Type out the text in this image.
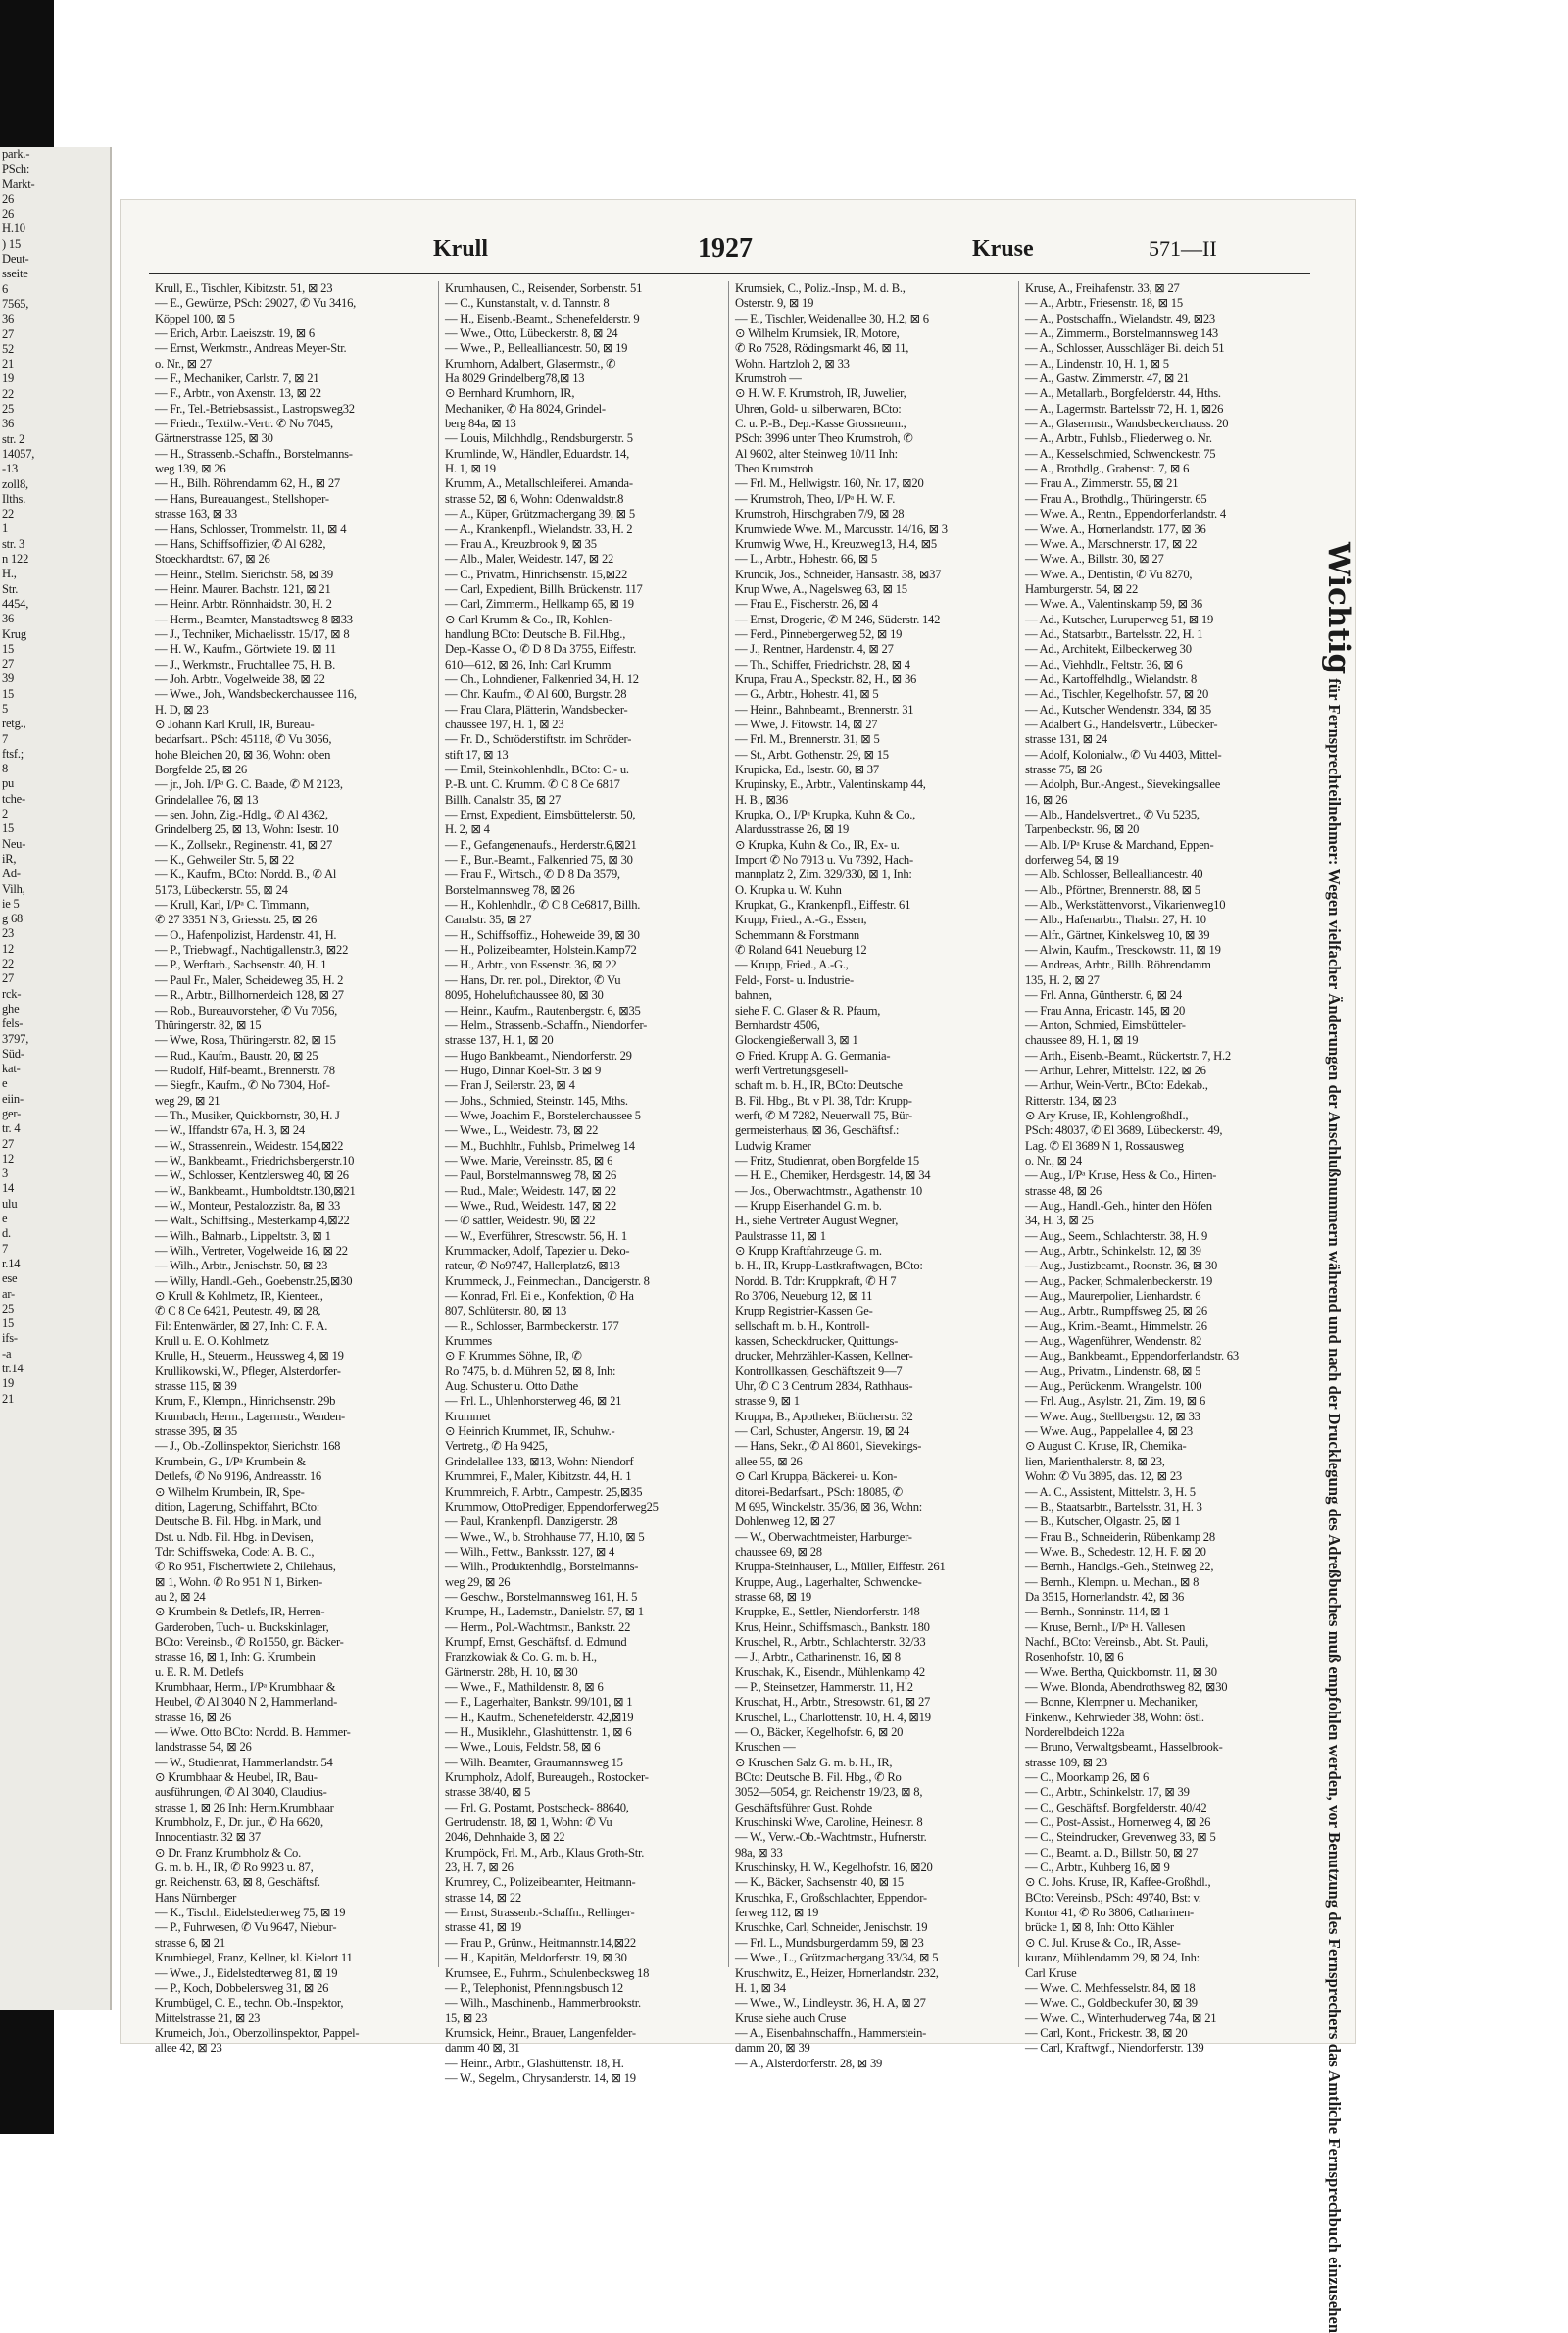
park.-
PSch:
Markt-
26
26
H.10
) 15
Deut-
sseite
6
7565,
36
27
52
21
19
22
25
36
str. 2
14057,
-13
zoll8,
Ilths.
22
1
str. 3
n 122
H.,
Str.
4454,
36
Krug
15
27
39
15
5
retg.,
7
ftsf.;
8
pu
tche-
2
15
Neu-
iR,
Ad-
Vilh,
ie 5
g 68
23
12
22
27
rck-
ghe
fels-
3797,
Süd-
kat-
e
eiin-
ger-
tr. 4
27
12
3
14
ulu
e
d.
7
r.14
ese
ar-
25
15
ifs-
-a
tr.14
19
21
Krull	1927	Kruse	571—II
Krull, E., Tischler, Kibitzstr. 51, ⊠ 23
— E., Gewürze, PSch: 29027, ✆ Vu 3416,
Köppel 100, ⊠ 5
— Erich, Arbtr. Laeiszstr. 19, ⊠ 6
— Ernst, Werkmstr., Andreas Meyer-Str.
o. Nr., ⊠ 27
— F., Mechaniker, Carlstr. 7, ⊠ 21
— F., Arbtr., von Axenstr. 13, ⊠ 22
— Fr., Tel.-Betriebsassist., Lastropsweg32
— Friedr., Textilw.-Vertr. ✆ No 7045,
Gärtnerstrasse 125, ⊠ 30
— H., Strassenb.-Schaffn., Borstelmanns-
weg 139, ⊠ 26
— H., Bilh. Röhrendamm 62, H., ⊠ 27
— Hans, Bureauangest., Stellshoper-
strasse 163, ⊠ 33
— Hans, Schlosser, Trommelstr. 11, ⊠ 4
— Hans, Schiffsoffizier, ✆ Al 6282,
Stoeckhardtstr. 67, ⊠ 26
— Heinr., Stellm. Sierichstr. 58, ⊠ 39
— Heinr. Maurer. Bachstr. 121, ⊠ 21
— Heinr. Arbtr. Rönnhaidstr. 30, H. 2
— Herm., Beamter, Manstadtsweg 8 ⊠33
— J., Techniker, Michaelisstr. 15/17, ⊠ 8
— H. W., Kaufm., Görtwiete 19. ⊠ 11
— J., Werkmstr., Fruchtallee 75, H. B.
— Joh. Arbtr., Vogelweide 38, ⊠ 22
— Wwe., Joh., Wandsbeckerchaussee 116,
H. D, ⊠ 23
⊙ Johann Karl Krull, IR, Bureau-
bedarfsart.. PSch: 45118, ✆ Vu 3056,
hohe Bleichen 20, ⊠ 36, Wohn: oben
Borgfelde 25, ⊠ 26
— jr., Joh. I/Pᵃ G. C. Baade, ✆ M 2123,
Grindelallee 76, ⊠ 13
— sen. John, Zig.-Hdlg., ✆ Al 4362,
Grindelberg 25, ⊠ 13, Wohn: Isestr. 10
— K., Zollsekr., Reginenstr. 41, ⊠ 27
— K., Gehweiler Str. 5, ⊠ 22
— K., Kaufm., BCto: Nordd. B., ✆ Al
5173, Lübeckerstr. 55, ⊠ 24
— Krull, Karl, I/Pᵃ C. Timmann,
✆ 27 3351 N 3, Griesstr. 25, ⊠ 26
— O., Hafenpolizist, Hardenstr. 41, H.
— P., Triebwagf., Nachtigallenstr.3, ⊠22
— P., Werftarb., Sachsenstr. 40, H. 1
— Paul Fr., Maler, Scheideweg 35, H. 2
— R., Arbtr., Billhornerdeich 128, ⊠ 27
— Rob., Bureauvorsteher, ✆ Vu 7056,
Thüringerstr. 82, ⊠ 15
— Wwe, Rosa, Thüringerstr. 82, ⊠ 15
— Rud., Kaufm., Baustr. 20, ⊠ 25
— Rudolf, Hilf-beamt., Brennerstr. 78
— Siegfr., Kaufm., ✆ No 7304, Hof-
weg 29, ⊠ 21
— Th., Musiker, Quickbornstr, 30, H. J
— W., Iffandstr 67a, H. 3, ⊠ 24
— W., Strassenrein., Weidestr. 154,⊠22
— W., Bankbeamt., Friedrichsbergerstr.10
— W., Schlosser, Kentzlersweg 40, ⊠ 26
— W., Bankbeamt., Humboldtstr.130,⊠21
— W., Monteur, Pestalozzistr. 8a, ⊠ 33
— Walt., Schiffsing., Mesterkamp 4,⊠22
— Wilh., Bahnarb., Lippeltstr. 3, ⊠ 1
— Wilh., Vertreter, Vogelweide 16, ⊠ 22
— Wilh., Arbtr., Jenischstr. 50, ⊠ 23
— Willy, Handl.-Geh., Goebenstr.25,⊠30
⊙ Krull & Kohlmetz, IR, Kienteer.,
✆ C 8 Ce 6421, Peutestr. 49, ⊠ 28,
Fil: Entenwärder, ⊠ 27, Inh: C. F. A.
Krull u. E. O. Kohlmetz
Krulle, H., Steuerm., Heussweg 4, ⊠ 19
Krullikowski, W., Pfleger, Alsterdorfer-
strasse 115, ⊠ 39
Krum, F., Klempn., Hinrichsenstr. 29b
Krumbach, Herm., Lagermstr., Wenden-
strasse 395, ⊠ 35
— J., Ob.-Zollinspektor, Sierichstr. 168
Krumbein, G., I/Pᵃ Krumbein &
Detlefs, ✆ No 9196, Andreasstr. 16
⊙ Wilhelm Krumbein, IR, Spe-
dition, Lagerung, Schiffahrt, BCto:
Deutsche B. Fil. Hbg. in Mark, und
Dst. u. Ndb. Fil. Hbg. in Devisen,
Tdr: Schiffsweka, Code: A. B. C.,
✆ Ro 951, Fischertwiete 2, Chilehaus,
⊠ 1, Wohn. ✆ Ro 951 N 1, Birken-
au 2, ⊠ 24
⊙ Krumbein & Detlefs, IR, Herren-
Garderoben, Tuch- u. Buckskinlager,
BCto: Vereinsb., ✆ Ro1550, gr. Bäcker-
strasse 16, ⊠ 1, Inh: G. Krumbein
u. E. R. M. Detlefs
Krumbhaar, Herm., I/Pᵃ Krumbhaar &
Heubel, ✆ Al 3040 N 2, Hammerland-
strasse 16, ⊠ 26
— Wwe. Otto BCto: Nordd. B. Hammer-
landstrasse 54, ⊠ 26
— W., Studienrat, Hammerlandstr. 54
⊙ Krumbhaar & Heubel, IR, Bau-
ausführungen, ✆ Al 3040, Claudius-
strasse 1, ⊠ 26 Inh: Herm.Krumbhaar
Krumbholz, F., Dr. jur., ✆ Ha 6620,
Innocentiastr. 32 ⊠ 37
⊙ Dr. Franz Krumbholz & Co.
G. m. b. H., IR, ✆ Ro 9923 u. 87,
gr. Reichenstr. 63, ⊠ 8, Geschäftsf.
Hans Nürnberger
— K., Tischl., Eidelstedterweg 75, ⊠ 19
— P., Fuhrwesen, ✆ Vu 9647, Niebur-
strasse 6, ⊠ 21
Krumbiegel, Franz, Kellner, kl. Kielort 11
— Wwe., J., Eidelstedterweg 81, ⊠ 19
— P., Koch, Dobbelersweg 31, ⊠ 26
Krumbügel, C. E., techn. Ob.-Inspektor,
Mittelstrasse 21, ⊠ 23
Krumeich, Joh., Oberzollinspektor, Pappel-
allee 42, ⊠ 23
Krumhausen, C., Reisender, Sorbenstr. 51
— C., Kunstanstalt, v. d. Tannstr. 8
— H., Eisenb.-Beamt., Schenefelderstr. 9
— Wwe., Otto, Lübeckerstr. 8, ⊠ 24
— Wwe., P., Bellealliancestr. 50, ⊠ 19
Krumhorn, Adalbert, Glasermstr., ✆
Ha 8029 Grindelberg78,⊠ 13
⊙ Bernhard Krumhorn, IR,
Mechaniker, ✆ Ha 8024, Grindel-
berg 84a, ⊠ 13
— Louis, Milchhdlg., Rendsburgerstr. 5
Krumlinde, W., Händler, Eduardstr. 14,
H. 1, ⊠ 19
Krumm, A., Metallschleiferei. Amanda-
strasse 52, ⊠ 6, Wohn: Odenwaldstr.8
— A., Küper, Grützmachergang 39, ⊠ 5
— A., Krankenpfl., Wielandstr. 33, H. 2
— Frau A., Kreuzbrook 9, ⊠ 35
— Alb., Maler, Weidestr. 147, ⊠ 22
— C., Privatm., Hinrichsenstr. 15,⊠22
— Carl, Expedient, Billh. Brückenstr. 117
— Carl, Zimmerm., Hellkamp 65, ⊠ 19
⊙ Carl Krumm & Co., IR, Kohlen-
handlung BCto: Deutsche B. Fil.Hbg.,
Dep.-Kasse O., ✆ D 8 Da 3755, Eiffestr.
610—612, ⊠ 26, Inh: Carl Krumm
— Ch., Lohndiener, Falkenried 34, H. 12
— Chr. Kaufm., ✆ Al 600, Burgstr. 28
— Frau Clara, Plätterin, Wandsbecker-
chaussee 197, H. 1, ⊠ 23
— Fr. D., Schröderstiftstr. im Schröder-
stift 17, ⊠ 13
— Emil, Steinkohlenhdlr., BCto: C.- u.
P.-B. unt. C. Krumm. ✆ C 8 Ce 6817
Billh. Canalstr. 35, ⊠ 27
— Ernst, Expedient, Eimsbüttelerstr. 50,
H. 2, ⊠ 4
— F., Gefangenenaufs., Herderstr.6,⊠21
— F., Bur.-Beamt., Falkenried 75, ⊠ 30
— Frau F., Wirtsch., ✆ D 8 Da 3579,
Borstelmannsweg 78, ⊠ 26
— H., Kohlenhdlr., ✆ C 8 Ce6817, Billh.
Canalstr. 35, ⊠ 27
— H., Schiffsoffiz., Hoheweide 39, ⊠ 30
— H., Polizeibeamter, Holstein.Kamp72
— H., Arbtr., von Essenstr. 36, ⊠ 22
— Hans, Dr. rer. pol., Direktor, ✆ Vu
8095, Hoheluftchaussee 80, ⊠ 30
— Heinr., Kaufm., Rautenbergstr. 6, ⊠35
— Helm., Strassenb.-Schaffn., Niendorfer-
strasse 137, H. 1, ⊠ 20
— Hugo Bankbeamt., Niendorferstr. 29
— Hugo, Dinnar Koel-Str. 3 ⊠ 9
— Fran J, Seilerstr. 23, ⊠ 4
— Johs., Schmied, Steinstr. 145, Mths.
— Wwe, Joachim F., Borstelerchaussee 5
— Wwe., L., Weidestr. 73, ⊠ 22
— M., Buchhltr., Fuhlsb., Primelweg 14
— Wwe. Marie, Vereinsstr. 85, ⊠ 6
— Paul, Borstelmannsweg 78, ⊠ 26
— Rud., Maler, Weidestr. 147, ⊠ 22
— Wwe., Rud., Weidestr. 147, ⊠ 22
— ✆ sattler, Weidestr. 90, ⊠ 22
— W., Everführer, Stresowstr. 56, H. 1
Krummacker, Adolf, Tapezier u. Deko-
rateur, ✆ No9747, Hallerplatz6, ⊠13
Krummeck, J., Feinmechan., Dancigerstr. 8
— Konrad, Frl. Ei e., Konfektion, ✆ Ha
807, Schlüterstr. 80, ⊠ 13
— R., Schlosser, Barmbeckerstr. 177
Krummes
⊙ F. Krummes Söhne, IR, ✆
Ro 7475, b. d. Mühren 52, ⊠ 8, Inh:
Aug. Schuster u. Otto Dathe
— Frl. L., Uhlenhorsterweg 46, ⊠ 21
Krummet
⊙ Heinrich Krummet, IR, Schuhw.-
Vertretg., ✆ Ha 9425,
Grindelallee 133, ⊠13, Wohn: Niendorf
Krummrei, F., Maler, Kibitzstr. 44, H. 1
Krummreich, F. Arbtr., Campestr. 25,⊠35
Krummow, OttoPrediger, Eppendorferweg25
— Paul, Krankenpfl. Danzigerstr. 28
— Wwe., W., b. Strohhause 77, H.10, ⊠ 5
— Wilh., Fettw., Banksstr. 127, ⊠ 4
— Wilh., Produktenhdlg., Borstelmanns-
weg 29, ⊠ 26
— Geschw., Borstelmannsweg 161, H. 5
Krumpe, H., Lademstr., Danielstr. 57, ⊠ 1
— Herm., Pol.-Wachtmstr., Bankstr. 22
Krumpf, Ernst, Geschäftsf. d. Edmund
Franzkowiak & Co. G. m. b. H.,
Gärtnerstr. 28b, H. 10, ⊠ 30
— Wwe., F., Mathildenstr. 8, ⊠ 6
— F., Lagerhalter, Bankstr. 99/101, ⊠ 1
— H., Kaufm., Schenefelderstr. 42,⊠19
— H., Musiklehr., Glashüttenstr. 1, ⊠ 6
— Wwe., Louis, Feldstr. 58, ⊠ 6
— Wilh. Beamter, Graumannsweg 15
Krumpholz, Adolf, Bureaugeh., Rostocker-
strasse 38/40, ⊠ 5
— Frl. G. Postamt, Postscheck- 88640,
Gertrudenstr. 18, ⊠ 1, Wohn: ✆ Vu
2046, Dehnhaide 3, ⊠ 22
Krumpöck, Frl. M., Arb., Klaus Groth-Str.
23, H. 7, ⊠ 26
Krumrey, C., Polizeibeamter, Heitmann-
strasse 14, ⊠ 22
— Ernst, Strassenb.-Schaffn., Rellinger-
strasse 41, ⊠ 19
— Frau P., Grünw., Heitmannstr.14,⊠22
— H., Kapitän, Meldorferstr. 19, ⊠ 30
Krumsee, E., Fuhrm., Schulenbecksweg 18
— P., Telephonist, Pfenningsbusch 12
— Wilh., Maschinenb., Hammerbrookstr.
15, ⊠ 23
Krumsick, Heinr., Brauer, Langenfelder-
damm 40 ⊠, 31
— Heinr., Arbtr., Glashüttenstr. 18, H.
— W., Segelm., Chrysanderstr. 14, ⊠ 19
Krumsiek, C., Poliz.-Insp., M. d. B.,
Osterstr. 9, ⊠ 19
— E., Tischler, Weidenallee 30, H.2, ⊠ 6
⊙ Wilhelm Krumsiek, IR, Motore,
✆ Ro 7528, Rödingsmarkt 46, ⊠ 11,
Wohn. Hartzloh 2, ⊠ 33
Krumstroh —
⊙ H. W. F. Krumstroh, IR, Juwelier,
Uhren, Gold- u. silberwaren, BCto:
C. u. P.-B., Dep.-Kasse Grossneum.,
PSch: 3996 unter Theo Krumstroh, ✆
Al 9602, alter Steinweg 10/11 Inh:
Theo Krumstroh
— Frl. M., Hellwigstr. 160, Nr. 17, ⊠20
— Krumstroh, Theo, I/Pᵃ H. W. F.
Krumstroh, Hirschgraben 7/9, ⊠ 28
Krumwiede Wwe. M., Marcusstr. 14/16, ⊠ 3
Krumwig Wwe, H., Kreuzweg13, H.4, ⊠5
— L., Arbtr., Hohestr. 66, ⊠ 5
Kruncik, Jos., Schneider, Hansastr. 38, ⊠37
Krup Wwe, A., Nagelsweg 63, ⊠ 15
— Frau E., Fischerstr. 26, ⊠ 4
— Ernst, Drogerie, ✆ M 246, Süderstr. 142
— Ferd., Pinnebergerweg 52, ⊠ 19
— J., Rentner, Hardenstr. 4, ⊠ 27
— Th., Schiffer, Friedrichstr. 28, ⊠ 4
Krupa, Frau A., Speckstr. 82, H., ⊠ 36
— G., Arbtr., Hohestr. 41, ⊠ 5
— Heinr., Bahnbeamt., Brennerstr. 31
— Wwe, J. Fitowstr. 14, ⊠ 27
— Frl. M., Brennerstr. 31, ⊠ 5
— St., Arbt. Gothenstr. 29, ⊠ 15
Krupicka, Ed., Isestr. 60, ⊠ 37
Krupinsky, E., Arbtr., Valentinskamp 44,
H. B., ⊠36
Krupka, O., I/Pᵃ Krupka, Kuhn & Co.,
Alardusstrasse 26, ⊠ 19
⊙ Krupka, Kuhn & Co., IR, Ex- u.
Import ✆ No 7913 u. Vu 7392, Hach-
mannplatz 2, Zim. 329/330, ⊠ 1, Inh:
O. Krupka u. W. Kuhn
Krupkat, G., Krankenpfl., Eiffestr. 61
Krupp, Fried., A.-G., Essen,
Schemmann & Forstmann
✆ Roland 641 Neueburg 12
— Krupp, Fried., A.-G.,
Feld-, Forst- u. Industrie-
bahnen,
siehe F. C. Glaser & R. Pfaum,
Bernhardstr 4506,
Glockengießerwall 3, ⊠ 1
⊙ Fried. Krupp A. G. Germania-
werft Vertretungsgesell-
schaft m. b. H., IR, BCto: Deutsche
B. Fil. Hbg., Bt. v Pl. 38, Tdr: Krupp-
werft, ✆ M 7282, Neuerwall 75, Bür-
germeisterhaus, ⊠ 36, Geschäftsf.:
Ludwig Kramer
— Fritz, Studienrat, oben Borgfelde 15
— H. E., Chemiker, Herdsgestr. 14, ⊠ 34
— Jos., Oberwachtmstr., Agathenstr. 10
— Krupp Eisenhandel G. m. b.
H., siehe Vertreter August Wegner,
Paulstrasse 11, ⊠ 1
⊙ Krupp Kraftfahrzeuge G. m.
b. H., IR, Krupp-Lastkraftwagen, BCto:
Nordd. B. Tdr: Kruppkraft, ✆ H 7
Ro 3706, Neueburg 12, ⊠ 11
Krupp Registrier-Kassen Ge-
sellschaft m. b. H., Kontroll-
kassen, Scheckdrucker, Quittungs-
drucker, Mehrzähler-Kassen, Kellner-
Kontrollkassen, Geschäftszeit 9—7
Uhr, ✆ C 3 Centrum 2834, Rathhaus-
strasse 9, ⊠ 1
Kruppa, B., Apotheker, Blücherstr. 32
— Carl, Schuster, Angerstr. 19, ⊠ 24
— Hans, Sekr., ✆ Al 8601, Sievekings-
allee 55, ⊠ 26
⊙ Carl Kruppa, Bäckerei- u. Kon-
ditorei-Bedarfsart., PSch: 18085, ✆
M 695, Winckelstr. 35/36, ⊠ 36, Wohn:
Dohlenweg 12, ⊠ 27
— W., Oberwachtmeister, Harburger-
chaussee 69, ⊠ 28
Kruppa-Steinhauser, L., Müller, Eiffestr. 261
Kruppe, Aug., Lagerhalter, Schwencke-
strasse 68, ⊠ 19
Kruppke, E., Settler, Niendorferstr. 148
Krus, Heinr., Schiffsmasch., Bankstr. 180
Kruschel, R., Arbtr., Schlachterstr. 32/33
— J., Arbtr., Catharinenstr. 16, ⊠ 8
Kruschak, K., Eisendr., Mühlenkamp 42
— P., Steinsetzer, Hammerstr. 11, H.2
Kruschat, H., Arbtr., Stresowstr. 61, ⊠ 27
Kruschel, L., Charlottenstr. 10, H. 4, ⊠19
— O., Bäcker, Kegelhofstr. 6, ⊠ 20
Kruschen —
⊙ Kruschen Salz G. m. b. H., IR,
BCto: Deutsche B. Fil. Hbg., ✆ Ro
3052—5054, gr. Reichenstr 19/23, ⊠ 8,
Geschäftsführer Gust. Rohde
Kruschinski Wwe, Caroline, Heinestr. 8
— W., Verw.-Ob.-Wachtmstr., Hufnerstr.
98a, ⊠ 33
Kruschinsky, H. W., Kegelhofstr. 16, ⊠20
— K., Bäcker, Sachsenstr. 40, ⊠ 15
Kruschka, F., Großschlachter, Eppendor-
ferweg 112, ⊠ 19
Kruschke, Carl, Schneider, Jenischstr. 19
— Frl. L., Mundsburgerdamm 59, ⊠ 23
— Wwe., L., Grützmachergang 33/34, ⊠ 5
Kruschwitz, E., Heizer, Hornerlandstr. 232,
H. 1, ⊠ 34
— Wwe., W., Lindleystr. 36, H. A, ⊠ 27
Kruse siehe auch Cruse
— A., Eisenbahnschaffn., Hammerstein-
damm 20, ⊠ 39
— A., Alsterdorferstr. 28, ⊠ 39
Kruse, A., Freihafenstr. 33, ⊠ 27
— A., Arbtr., Friesenstr. 18, ⊠ 15
— A., Postschaffn., Wielandstr. 49, ⊠23
— A., Zimmerm., Borstelmannsweg 143
— A., Schlosser, Ausschläger Bi. deich 51
— A., Lindenstr. 10, H. 1, ⊠ 5
— A., Gastw. Zimmerstr. 47, ⊠ 21
— A., Metallarb., Borgfelderstr. 44, Hths.
— A., Lagermstr. Bartelsstr 72, H. 1, ⊠26
— A., Glasermstr., Wandsbeckerchauss. 20
— A., Arbtr., Fuhlsb., Fliederweg o. Nr.
— A., Kesselschmied, Schwenckestr. 75
— A., Brothdlg., Grabenstr. 7, ⊠ 6
— Frau A., Zimmerstr. 55, ⊠ 21
— Frau A., Brothdlg., Thüringerstr. 65
— Wwe. A., Rentn., Eppendorferlandstr. 4
— Wwe. A., Hornerlandstr. 177, ⊠ 36
— Wwe. A., Marschnerstr. 17, ⊠ 22
— Wwe. A., Billstr. 30, ⊠ 27
— Wwe. A., Dentistin, ✆ Vu 8270,
Hamburgerstr. 54, ⊠ 22
— Wwe. A., Valentinskamp 59, ⊠ 36
— Ad., Kutscher, Luruperweg 51, ⊠ 19
— Ad., Statsarbtr., Bartelsstr. 22, H. 1
— Ad., Architekt, Eilbeckerweg 30
— Ad., Viehhdlr., Feltstr. 36, ⊠ 6
— Ad., Kartoffelhdlg., Wielandstr. 8
— Ad., Tischler, Kegelhofstr. 57, ⊠ 20
— Ad., Kutscher Wendenstr. 334, ⊠ 35
— Adalbert G., Handelsvertr., Lübecker-
strasse 131, ⊠ 24
— Adolf, Kolonialw., ✆ Vu 4403, Mittel-
strasse 75, ⊠ 26
— Adolph, Bur.-Angest., Sievekingsallee
16, ⊠ 26
— Alb., Handelsvertret., ✆ Vu 5235,
Tarpenbeckstr. 96, ⊠ 20
— Alb. I/Pᵃ Kruse & Marchand, Eppen-
dorferweg 54, ⊠ 19
— Alb. Schlosser, Bellealliancestr. 40
— Alb., Pförtner, Brennerstr. 88, ⊠ 5
— Alb., Werkstättenvorst., Vikarienweg10
— Alb., Hafenarbtr., Thalstr. 27, H. 10
— Alfr., Gärtner, Kinkelsweg 10, ⊠ 39
— Alwin, Kaufm., Tresckowstr. 11, ⊠ 19
— Andreas, Arbtr., Billh. Röhrendamm
135, H. 2, ⊠ 27
— Frl. Anna, Güntherstr. 6, ⊠ 24
— Frau Anna, Ericastr. 145, ⊠ 20
— Anton, Schmied, Eimsbütteler-
chaussee 89, H. 1, ⊠ 19
— Arth., Eisenb.-Beamt., Rückertstr. 7, H.2
— Arthur, Lehrer, Mittelstr. 122, ⊠ 26
— Arthur, Wein-Vertr., BCto: Edekab.,
Ritterstr. 134, ⊠ 23
⊙ Ary Kruse, IR, KohlengroßhdI.,
PSch: 48037, ✆ El 3689, Lübeckerstr. 49,
Lag. ✆ El 3689 N 1, Rossausweg
o. Nr., ⊠ 24
— Aug., I/Pᵃ Kruse, Hess & Co., Hirten-
strasse 48, ⊠ 26
— Aug., Handl.-Geh., hinter den Höfen
34, H. 3, ⊠ 25
— Aug., Seem., Schlachterstr. 38, H. 9
— Aug., Arbtr., Schinkelstr. 12, ⊠ 39
— Aug., Justizbeamt., Roonstr. 36, ⊠ 30
— Aug., Packer, Schmalenbeckerstr. 19
— Aug., Maurerpolier, Lienhardstr. 6
— Aug., Arbtr., Rumpffsweg 25, ⊠ 26
— Aug., Krim.-Beamt., Himmelstr. 26
— Aug., Wagenführer, Wendenstr. 82
— Aug., Bankbeamt., Eppendorferlandstr. 63
— Aug., Privatm., Lindenstr. 68, ⊠ 5
— Aug., Perückenm. Wrangelstr. 100
— Frl. Aug., Asylstr. 21, Zim. 19, ⊠ 6
— Wwe. Aug., Stellbergstr. 12, ⊠ 33
— Wwe. Aug., Pappelallee 4, ⊠ 23
⊙ August C. Kruse, IR, Chemika-
lien, Marienthalerstr. 8, ⊠ 23,
Wohn: ✆ Vu 3895, das. 12, ⊠ 23
— A. C., Assistent, Mittelstr. 3, H. 5
— B., Staatsarbtr., Bartelsstr. 31, H. 3
— B., Kutscher, Olgastr. 25, ⊠ 1
— Frau B., Schneiderin, Rübenkamp 28
— Wwe. B., Schedestr. 12, H. F. ⊠ 20
— Bernh., Handlgs.-Geh., Steinweg 22,
— Bernh., Klempn. u. Mechan., ⊠ 8
Da 3515, Hornerlandstr. 42, ⊠ 36
— Bernh., Sonninstr. 114, ⊠ 1
— Kruse, Bernh., I/Pᵃ H. Vallesen
Nachf., BCto: Vereinsb., Abt. St. Pauli,
Rosenhofstr. 10, ⊠ 6
— Wwe. Bertha, Quickbornstr. 11, ⊠ 30
— Wwe. Blonda, Abendrothsweg 82, ⊠30
— Bonne, Klempner u. Mechaniker,
Finkenw., Kehrwieder 38, Wohn: östl.
Norderelbdeich 122a
— Bruno, Verwaltgsbeamt., Hasselbrook-
strasse 109, ⊠ 23
— C., Moorkamp 26, ⊠ 6
— C., Arbtr., Schinkelstr. 17, ⊠ 39
— C., Geschäftsf. Borgfelderstr. 40/42
— C., Post-Assist., Hornerweg 4, ⊠ 26
— C., Steindrucker, Grevenweg 33, ⊠ 5
— C., Beamt. a. D., Billstr. 50, ⊠ 27
— C., Arbtr., Kuhberg 16, ⊠ 9
⊙ C. Johs. Kruse, IR, Kaffee-Großhdl.,
BCto: Vereinsb., PSch: 49740, Bst: v.
Kontor 41, ✆ Ro 3806, Catharinen-
brücke 1, ⊠ 8, Inh: Otto Kähler
⊙ C. Jul. Kruse & Co., IR, Asse-
kuranz, Mühlendamm 29, ⊠ 24, Inh:
Carl Kruse
— Wwe. C. Methfesselstr. 84, ⊠ 18
— Wwe. C., Goldbeckufer 30, ⊠ 39
— Wwe. C., Winterhuderweg 74a, ⊠ 21
— Carl, Kont., Frickestr. 38, ⊠ 20
— Carl, Kraftwgf., Niendorferstr. 139
Wichtig für Fernsprechteilnehmer: Wegen vielfacher Änderungen der Anschlußnummern während und nach der Drucklegung des Adreßbuches muß empfohlen werden, vor Benutzung des Fernsprechers das Amtliche Fernsprechbuch einzusehen
